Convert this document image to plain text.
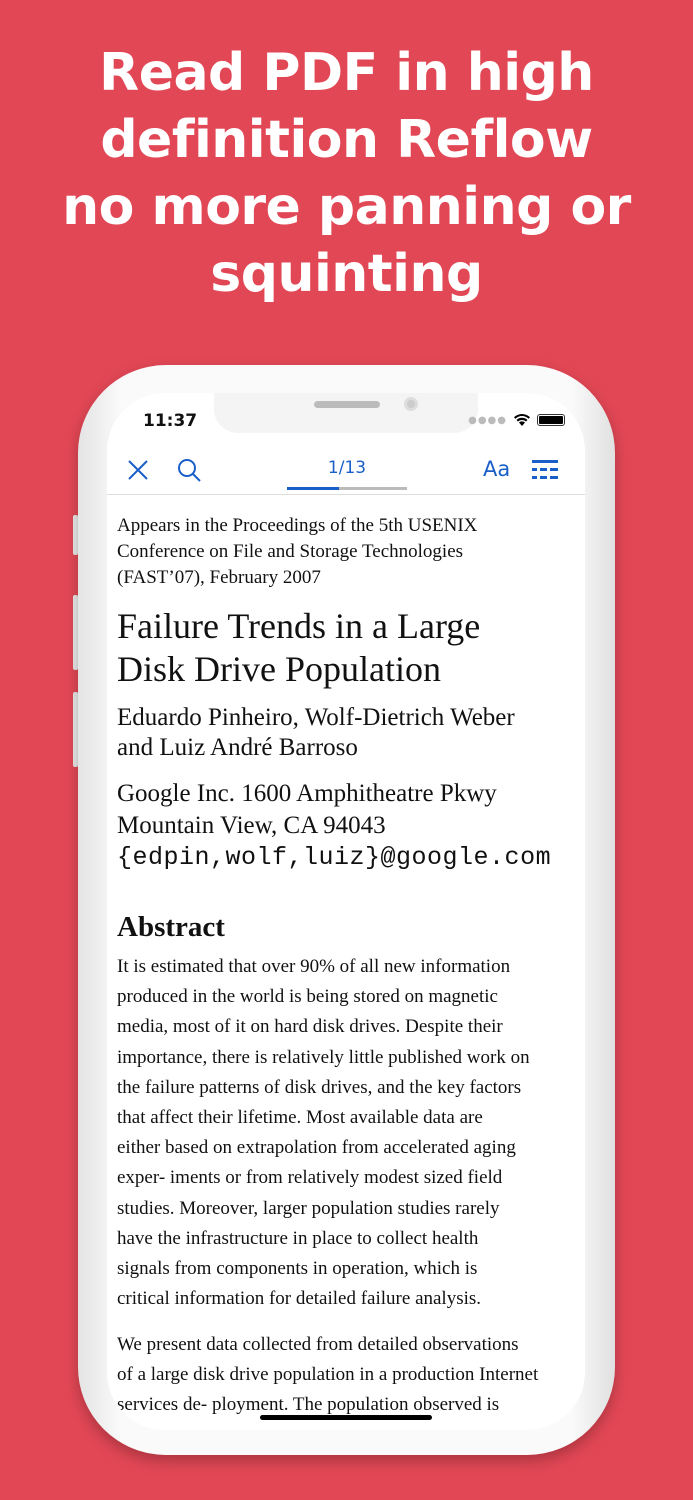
Read PDF in high
definition Reflow
no more panning or
squinting
11:37	●●●●
1/13	Aa
Appears in the Proceedings of the 5th USENIX
Conference on File and Storage Technologies
(FAST’07), February 2007
Failure Trends in a Large
Disk Drive Population
Eduardo Pinheiro, Wolf-Dietrich Weber
and Luiz André Barroso
Google Inc. 1600 Amphitheatre Pkwy
Mountain View, CA 94043
{edpin,wolf,luiz}@google.com
Abstract
It is estimated that over 90% of all new information
produced in the world is being stored on magnetic
media, most of it on hard disk drives. Despite their
importance, there is relatively little published work on
the failure patterns of disk drives, and the key factors
that affect their lifetime. Most available data are
either based on extrapolation from accelerated aging
exper- iments or from relatively modest sized field
studies. Moreover, larger population studies rarely
have the infrastructure in place to collect health
signals from components in operation, which is
critical information for detailed failure analysis.
We present data collected from detailed observations
of a large disk drive population in a production Internet
services de- ployment. The population observed is
